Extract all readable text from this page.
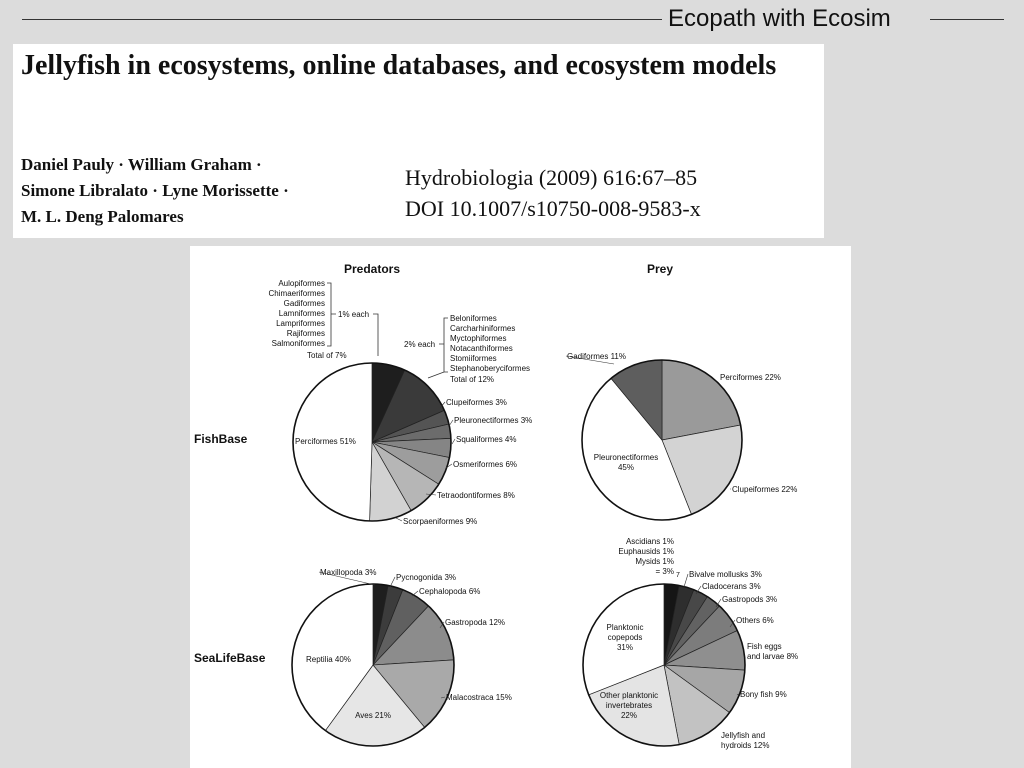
Ecopath with Ecosim
Jellyfish in ecosystems, online databases, and ecosystem models
Daniel Pauly · William Graham ·
Simone Libralato · Lyne Morissette ·
M. L. Deng Palomares
Hydrobiologia (2009) 616:67–85
DOI 10.1007/s10750-008-9583-x
Predators	Prey
FishBase
SeaLifeBase
Aulopiformes
Chimaeriformes
Gadiformes
Lamniformes
Lampriformes
Rajiformes
Salmoniformes
1% each
Total of 7%
Beloniformes
Carcharhiniformes
Myctophiformes
Notacanthiformes
Stomiiformes
Stephanoberyciformes
Total of 12%
2% each
Ascidians 1%
Euphausids 1%
Mysids 1%
= 3% 7
Clupeiformes 3%
Pleuronectiformes 3%
Squaliformes 4%
Osmeriformes 6%
Tetraodontiformes 8%
Scorpaeniformes 9%
Perciformes 51%
Perciformes 22%
Clupeiformes 22%
Pleuronectiformes 45%
Gadiformes 11%
Maxillopoda 3%
Pycnogonida 3%
Cephalopoda 6%
Gastropoda 12%
Malacostraca 15%
Aves 21%
Reptilia 40%
Bivalve mollusks 3%
Cladocerans 3%
Gastropods 3%
Others 6%
Fish eggs and larvae 8%
Bony fish 9%
Jellyfish and hydroids 12%
Other planktonic invertebrates 22%
Planktonic copepods 31%
